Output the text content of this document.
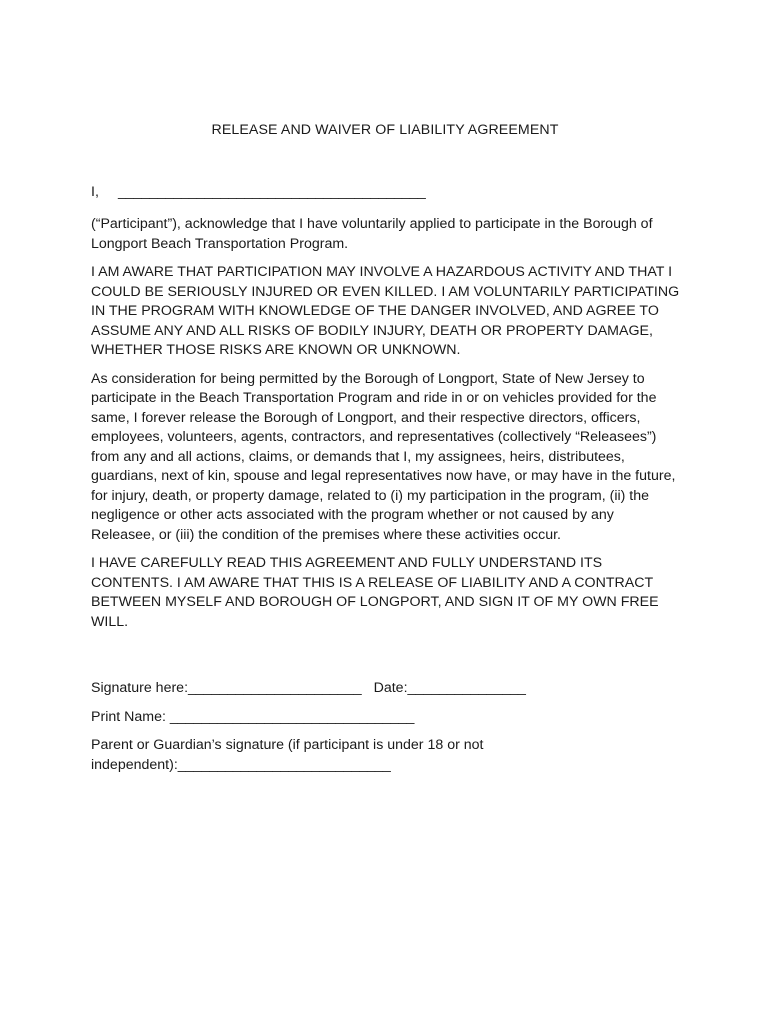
RELEASE AND WAIVER OF LIABILITY AGREEMENT
I, _______________________________________

(“Participant”), acknowledge that I have voluntarily applied to participate in the Borough of Longport Beach Transportation Program.

I AM AWARE THAT PARTICIPATION MAY INVOLVE A HAZARDOUS ACTIVITY AND THAT I COULD BE SERIOUSLY INJURED OR EVEN KILLED. I AM VOLUNTARILY PARTICIPATING IN THE PROGRAM WITH KNOWLEDGE OF THE DANGER INVOLVED, AND AGREE TO ASSUME ANY AND ALL RISKS OF BODILY INJURY, DEATH OR PROPERTY DAMAGE, WHETHER THOSE RISKS ARE KNOWN OR UNKNOWN.

As consideration for being permitted by the Borough of Longport, State of New Jersey to participate in the Beach Transportation Program and ride in or on vehicles provided for the same, I forever release the Borough of Longport, and their respective directors, officers, employees, volunteers, agents, contractors, and representatives (collectively “Releasees”) from any and all actions, claims, or demands that I, my assignees, heirs, distributees, guardians, next of kin, spouse and legal representatives now have, or may have in the future, for injury, death, or property damage, related to (i) my participation in the program, (ii) the negligence or other acts associated with the program whether or not caused by any Releasee, or (iii) the condition of the premises where these activities occur.

I HAVE CAREFULLY READ THIS AGREEMENT AND FULLY UNDERSTAND ITS CONTENTS. I AM AWARE THAT THIS IS A RELEASE OF LIABILITY AND A CONTRACT BETWEEN MYSELF AND BOROUGH OF LONGPORT, AND SIGN IT OF MY OWN FREE WILL.

Signature here:______________________ Date:_______________
Print Name: _______________________________
Parent or Guardian’s signature (if participant is under 18 or not
independent):___________________________
